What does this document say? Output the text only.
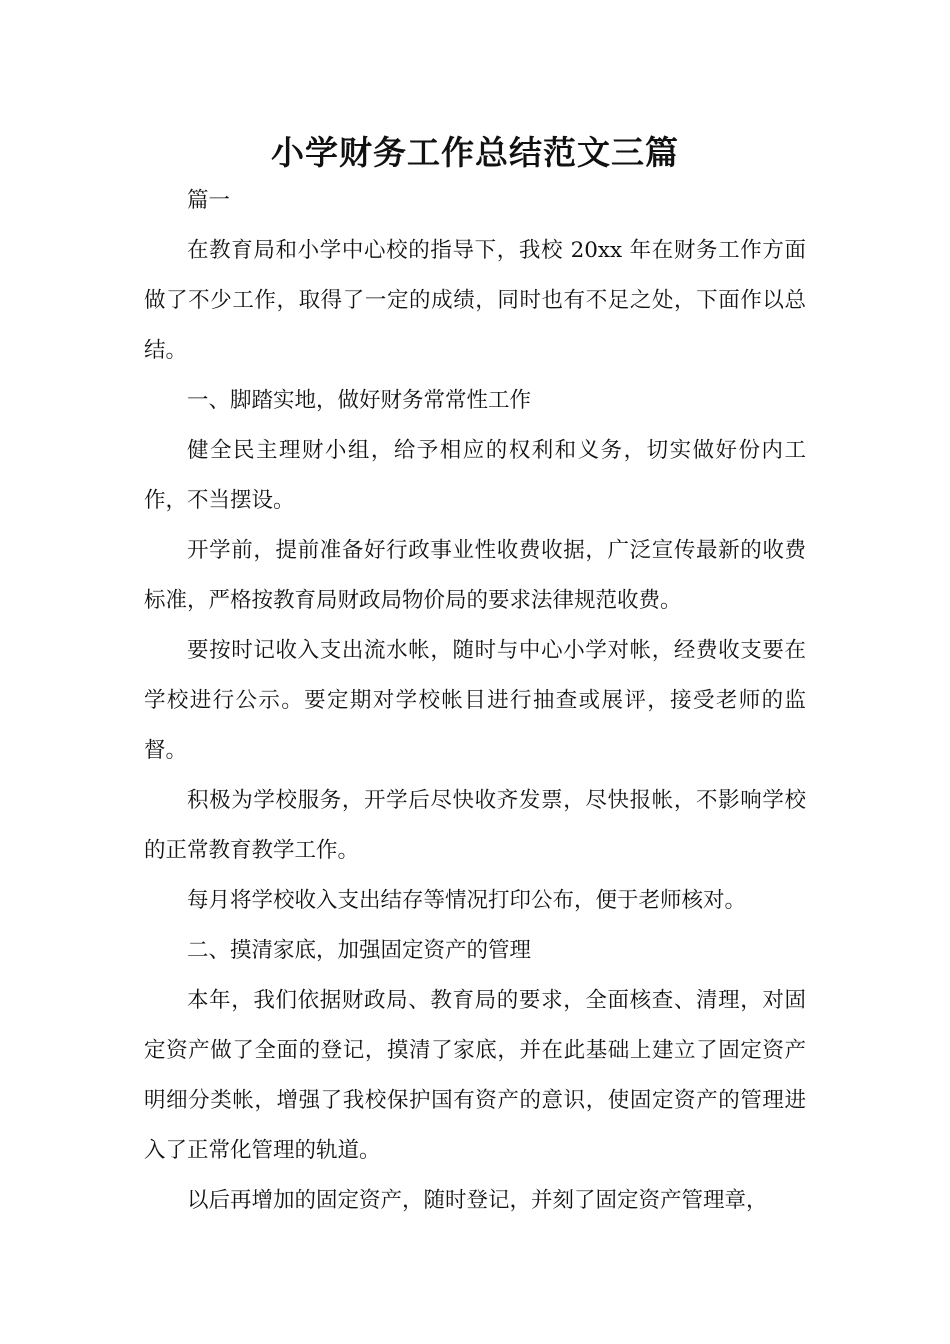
小学财务工作总结范文三篇

篇一

在教育局和小学中心校的指导下，我校 20xx 年在财务工作方面做了不少工作，取得了一定的成绩，同时也有不足之处，下面作以总结。

一、脚踏实地，做好财务常常性工作

健全民主理财小组，给予相应的权利和义务，切实做好份内工作，不当摆设。

开学前，提前准备好行政事业性收费收据，广泛宣传最新的收费标准，严格按教育局财政局物价局的要求法律规范收费。

要按时记收入支出流水帐，随时与中心小学对帐，经费收支要在学校进行公示。要定期对学校帐目进行抽查或展评，接受老师的监督。

积极为学校服务，开学后尽快收齐发票，尽快报帐，不影响学校的正常教育教学工作。

每月将学校收入支出结存等情况打印公布，便于老师核对。

二、摸清家底，加强固定资产的管理

本年，我们依据财政局、教育局的要求，全面核查、清理，对固定资产做了全面的登记，摸清了家底，并在此基础上建立了固定资产明细分类帐，增强了我校保护国有资产的意识，使固定资产的管理进入了正常化管理的轨道。

以后再增加的固定资产，随时登记，并刻了固定资产管理章，
